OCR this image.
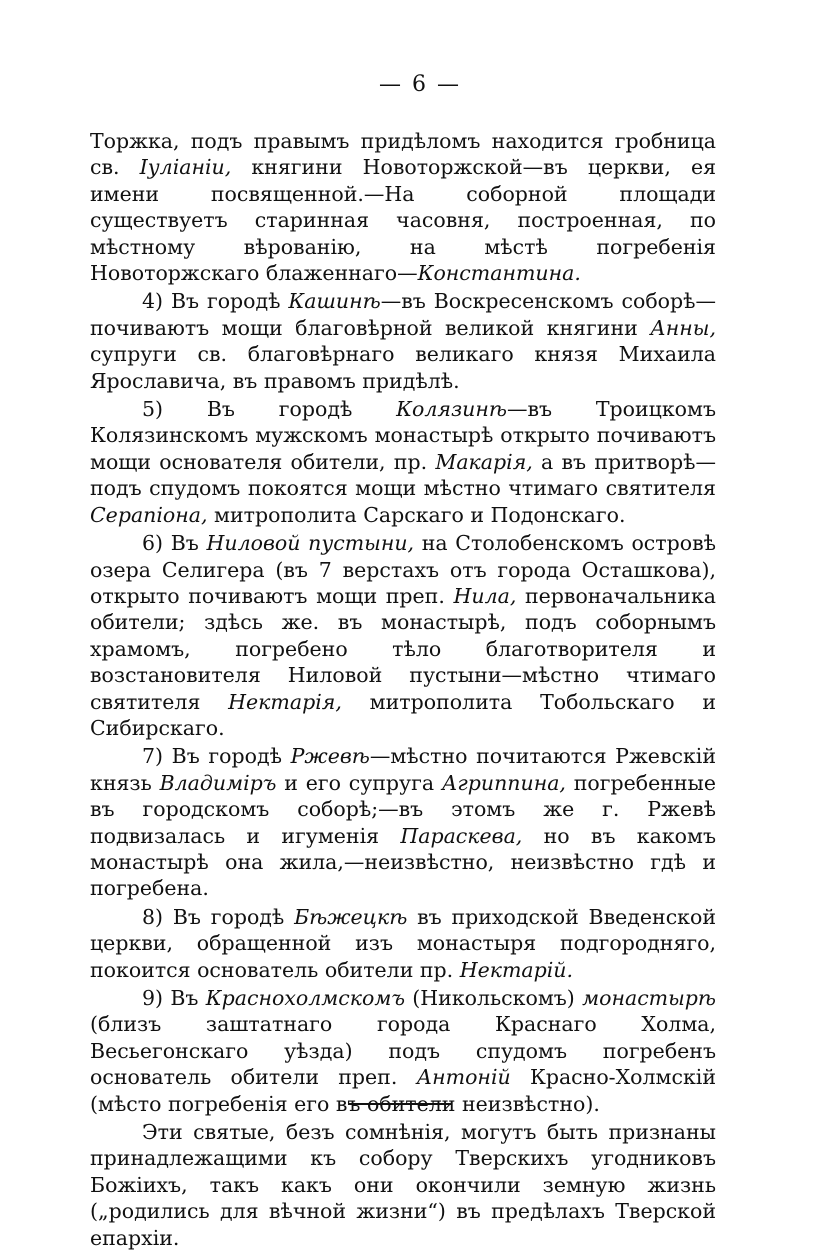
— 6 —

Торжка, подъ правымъ придѣломъ находится гробница св. Іуліаніи, княгини Новоторжской—въ церкви, ея имени посвященной.—На соборной площади существуетъ старинная часовня, построенная, по мѣстному вѣрованію, на мѣстѣ погребенія Новоторжскаго блаженнаго—Константина.

4) Въ городѣ Кашинѣ—въ Воскресенскомъ соборѣ—почиваютъ мощи благовѣрной великой княгини Анны, супруги св. благовѣрнаго великаго князя Михаила Ярославича, въ правомъ придѣлѣ.

5) Въ городѣ Колязинѣ—въ Троицкомъ Колязинскомъ мужскомъ монастырѣ открыто почиваютъ мощи основателя обители, пр. Макарія, а въ притворѣ—подъ спудомъ покоятся мощи мѣстно чтимаго святителя Серапіона, митрополита Сарскаго и Подонскаго.

6) Въ Ниловой пустыни, на Столобенскомъ островѣ озера Селигера (въ 7 верстахъ отъ города Осташкова), открыто почиваютъ мощи преп. Нила, первоначальника обители; здѣсь же. въ монастырѣ, подъ соборнымъ храмомъ, погребено тѣло благотворителя и возстановителя Ниловой пустыни—мѣстно чтимаго святителя Нектарія, митрополита Тобольскаго и Сибирскаго.

7) Въ городѣ Ржевѣ—мѣстно почитаются Ржевскій князь Владиміръ и его супруга Агриппина, погребенные въ городскомъ соборѣ;—въ этомъ же г. Ржевѣ подвизалась и игуменія Параскева, но въ какомъ монастырѣ она жила,—неизвѣстно, неизвѣстно гдѣ и погребена.

8) Въ городѣ Бѣжецкѣ въ приходской Введенской церкви, обращенной изъ монастыря подгородняго, покоится основатель обители пр. Нектарій.

9) Въ Краснохолмскомъ (Никольскомъ) монастырѣ (близъ заштатнаго города Краснаго Холма, Весьегонскаго уѣзда) подъ спудомъ погребенъ основатель обители преп. Антоній Красно-Холмскій (мѣсто погребенія его въ обители неизвѣстно).

Эти святые, безъ сомнѣнія, могутъ быть признаны принадлежащими къ собору Тверскихъ угодниковъ Божіихъ, такъ какъ они окончили земную жизнь („родились для вѣчной жизни“) въ предѣлахъ Тверской епархіи.
